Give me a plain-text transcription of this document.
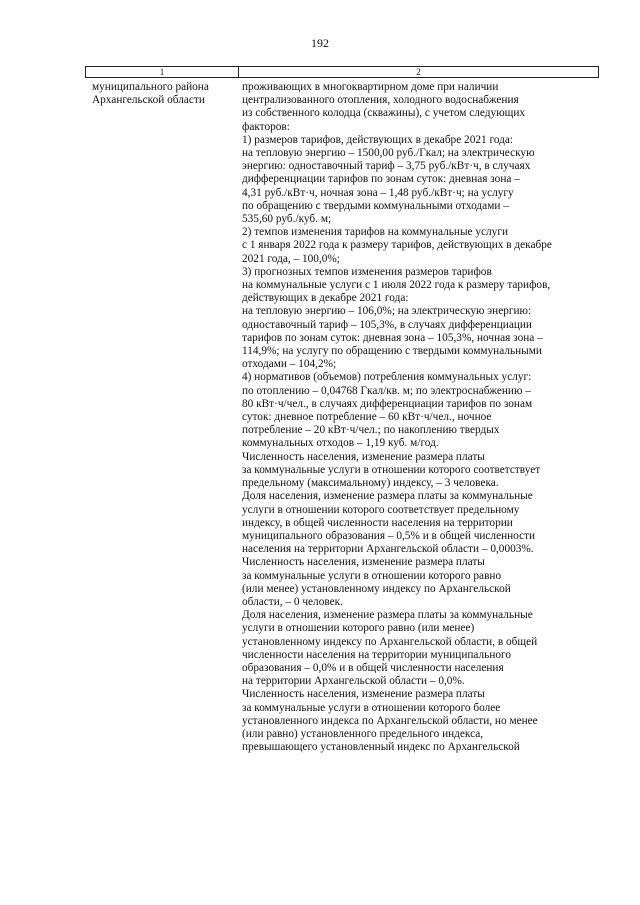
192
1	2
муниципального района
Архангельской области
проживающих в многоквартирном доме при наличии
централизованного отопления, холодного водоснабжения
из собственного колодца (скважины), с учетом следующих
факторов:
1) размеров тарифов, действующих в декабре 2021 года:
на тепловую энергию – 1500,00 руб./Гкал; на электрическую
энергию: одноставочный тариф – 3,75 руб./кВт·ч, в случаях
дифференциации тарифов по зонам суток: дневная зона –
4,31 руб./кВт·ч, ночная зона – 1,48 руб./кВт·ч; на услугу
по обращению с твердыми коммунальными отходами –
535,60 руб./куб. м;
2) темпов изменения тарифов на коммунальные услуги
с 1 января 2022 года к размеру тарифов, действующих в декабре
2021 года, – 100,0%;
3) прогнозных темпов изменения размеров тарифов
на коммунальные услуги с 1 июля 2022 года к размеру тарифов,
действующих в декабре 2021 года:
на тепловую энергию – 106,0%; на электрическую энергию:
одноставочный тариф – 105,3%, в случаях дифференциации
тарифов по зонам суток: дневная зона – 105,3%, ночная зона –
114,9%; на услугу по обращению с твердыми коммунальными
отходами – 104,2%;
4) нормативов (объемов) потребления коммунальных услуг:
по отоплению – 0,04768 Гкал/кв. м; по электроснабжению –
80 кВт·ч/чел., в случаях дифференциации тарифов по зонам
суток: дневное потребление – 60 кВт·ч/чел., ночное
потребление – 20 кВт·ч/чел.; по накоплению твердых
коммунальных отходов – 1,19 куб. м/год.
Численность населения, изменение размера платы
за коммунальные услуги в отношении которого соответствует
предельному (максимальному) индексу, – 3 человека.
Доля населения, изменение размера платы за коммунальные
услуги в отношении которого соответствует предельному
индексу, в общей численности населения на территории
муниципального образования – 0,5% и в общей численности
населения на территории Архангельской области – 0,0003%.
Численность населения, изменение размера платы
за коммунальные услуги в отношении которого равно
(или менее) установленному индексу по Архангельской
области, – 0 человек.
Доля населения, изменение размера платы за коммунальные
услуги в отношении которого равно (или менее)
установленному индексу по Архангельской области, в общей
численности населения на территории муниципального
образования – 0,0% и в общей численности населения
на территории Архангельской области – 0,0%.
Численность населения, изменение размера платы
за коммунальные услуги в отношении которого более
установленного индекса по Архангельской области, но менее
(или равно) установленного предельного индекса,
превышающего установленный индекс по Архангельской
